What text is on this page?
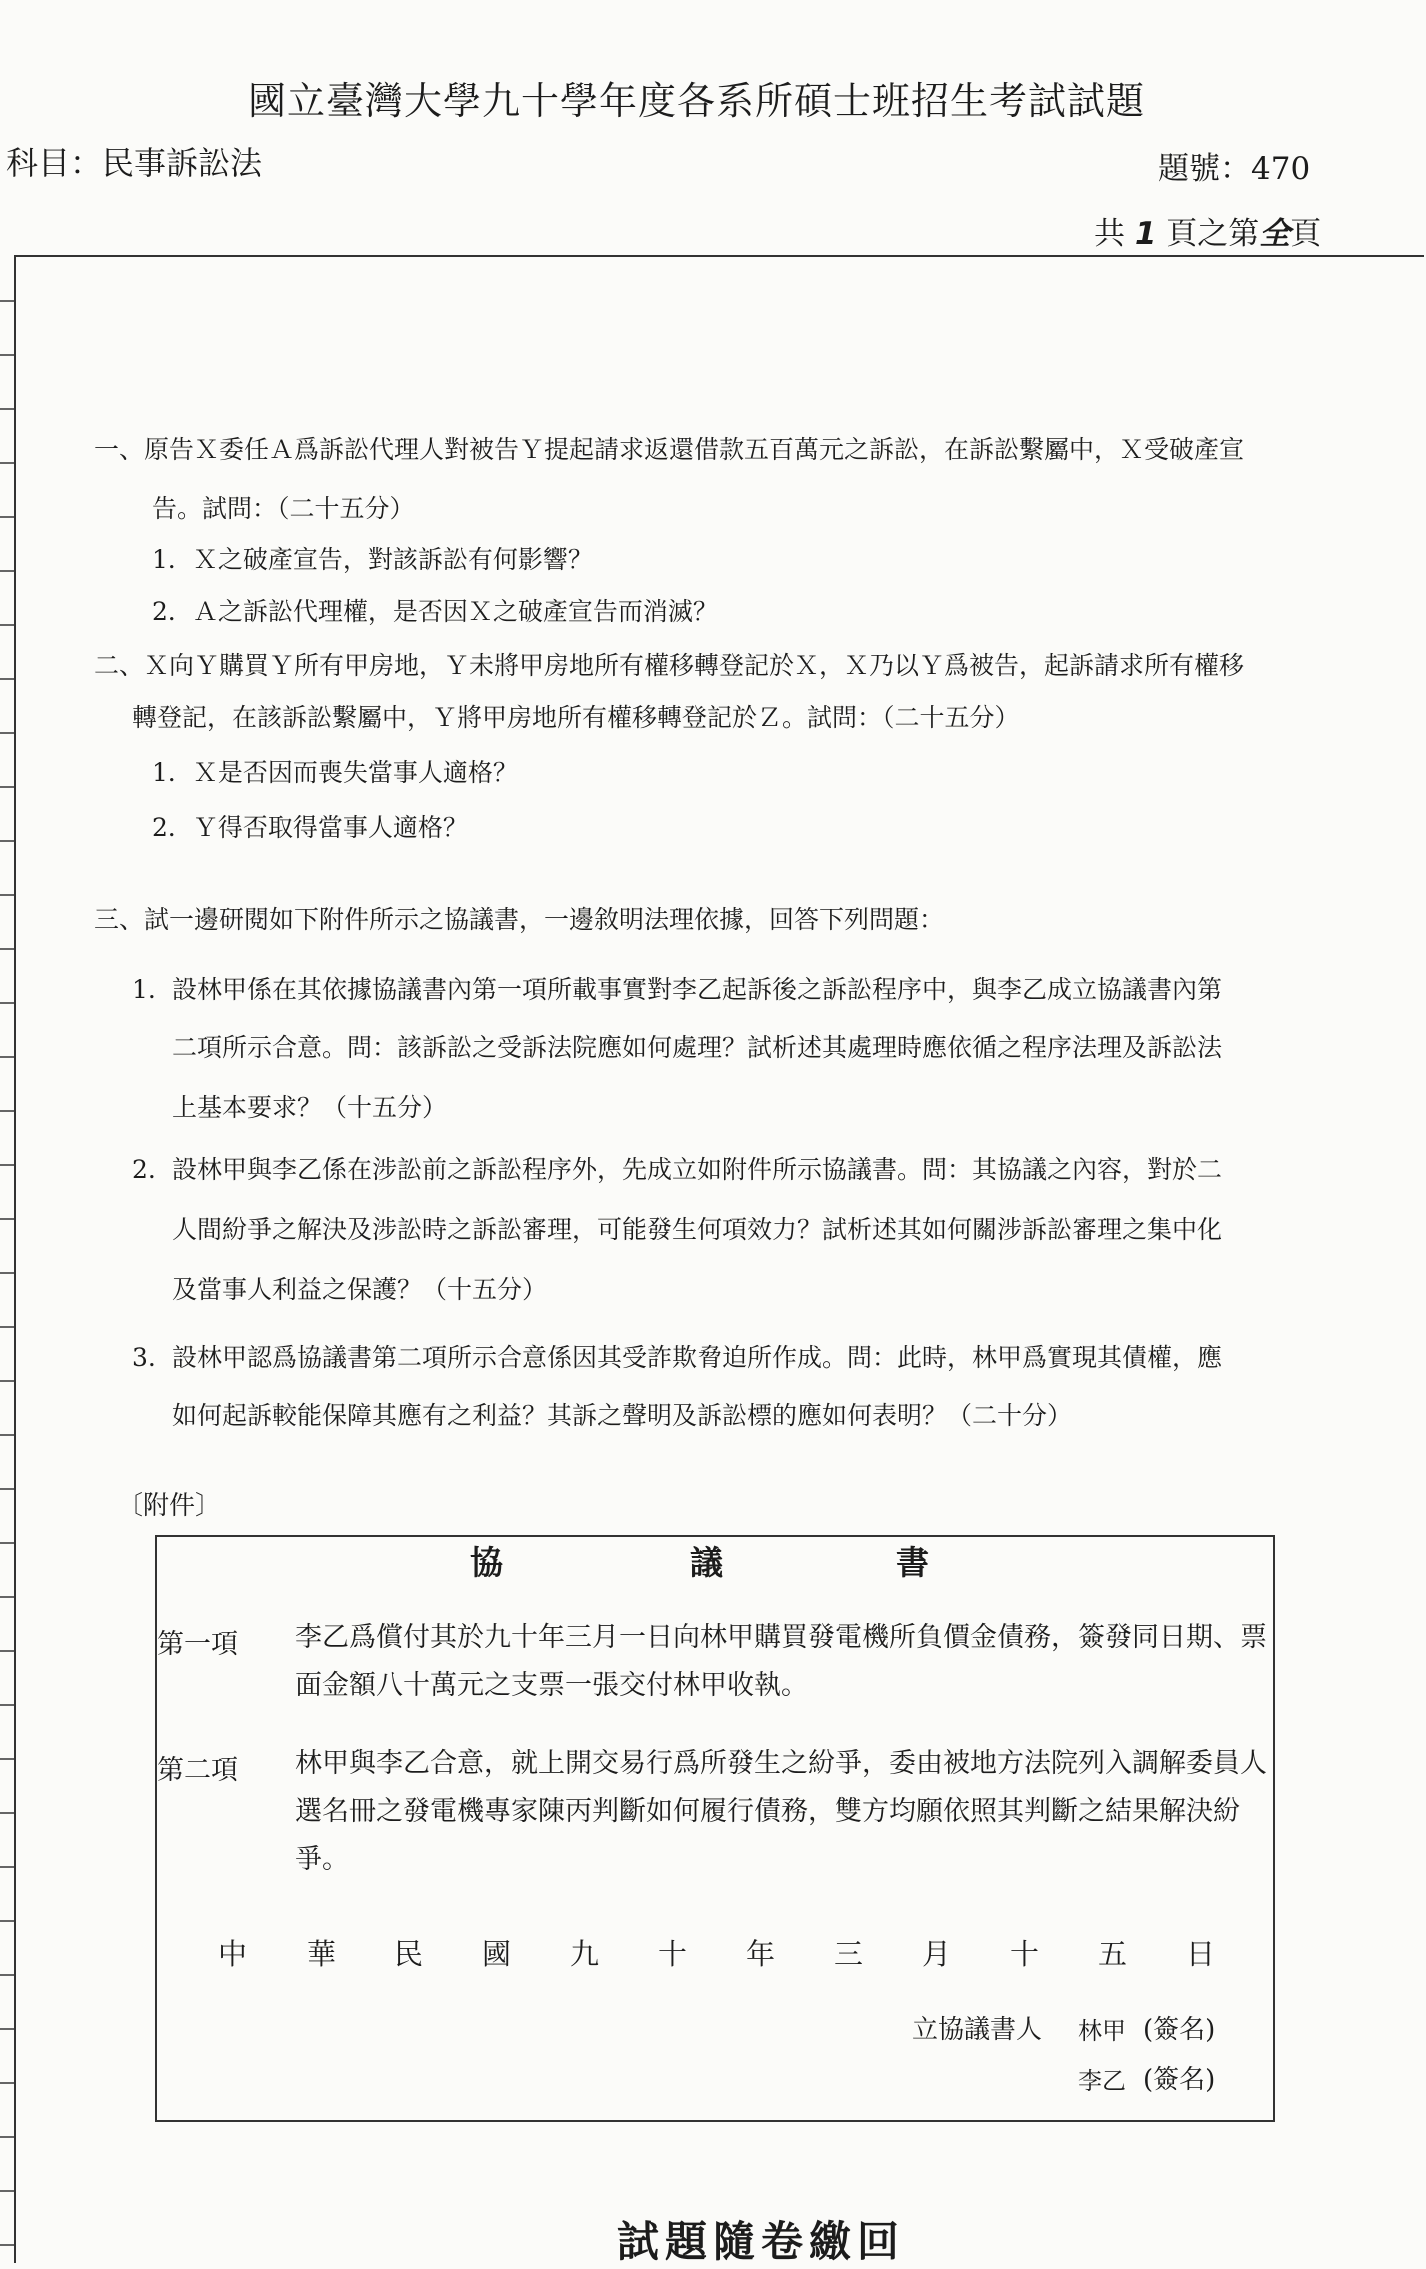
國立臺灣大學九十學年度各系所碩士班招生考試試題
科目：民事訴訟法	題號：470
共 1 頁之第全頁
一、原告Ｘ委任Ａ爲訴訟代理人對被告Ｙ提起請求返還借款五百萬元之訴訟，在訴訟繫屬中，Ｘ受破產宣
告。試問：（二十五分）
1．Ｘ之破產宣告，對該訴訟有何影響？
2．Ａ之訴訟代理權，是否因Ｘ之破產宣告而消滅？
二、Ｘ向Ｙ購買Ｙ所有甲房地，Ｙ未將甲房地所有權移轉登記於Ｘ，Ｘ乃以Ｙ爲被告，起訴請求所有權移
轉登記，在該訴訟繫屬中，Ｙ將甲房地所有權移轉登記於Ｚ。試問：（二十五分）
1．Ｘ是否因而喪失當事人適格？
2．Ｙ得否取得當事人適格？
三、試一邊研閱如下附件所示之協議書，一邊敘明法理依據，回答下列問題：
1. 設林甲係在其依據協議書內第一項所載事實對李乙起訴後之訴訟程序中，與李乙成立協議書內第
二項所示合意。問：該訴訟之受訴法院應如何處理？試析述其處理時應依循之程序法理及訴訟法
上基本要求？（十五分）
2. 設林甲與李乙係在涉訟前之訴訟程序外，先成立如附件所示協議書。問：其協議之內容，對於二
人間紛爭之解決及涉訟時之訴訟審理，可能發生何項效力？試析述其如何關涉訴訟審理之集中化
及當事人利益之保護？（十五分）
3. 設林甲認爲協議書第二項所示合意係因其受詐欺脅迫所作成。問：此時，林甲爲實現其債權，應
如何起訴較能保障其應有之利益？其訴之聲明及訴訟標的應如何表明？（二十分）
〔附件〕
協	議	書
第一項 李乙爲償付其於九十年三月一日向林甲購買發電機所負價金債務，簽發同日期、票面金額八十萬元之支票一張交付林甲收執。
第二項 林甲與李乙合意，就上開交易行爲所發生之紛爭，委由被地方法院列入調解委員人選名冊之發電機專家陳丙判斷如何履行債務，雙方均願依照其判斷之結果解決紛爭。
中 華 民 國 九 十 年 三 月 十 五 日
立協議書人 林甲 (簽名)
李乙 (簽名)
試題隨卷繳回
